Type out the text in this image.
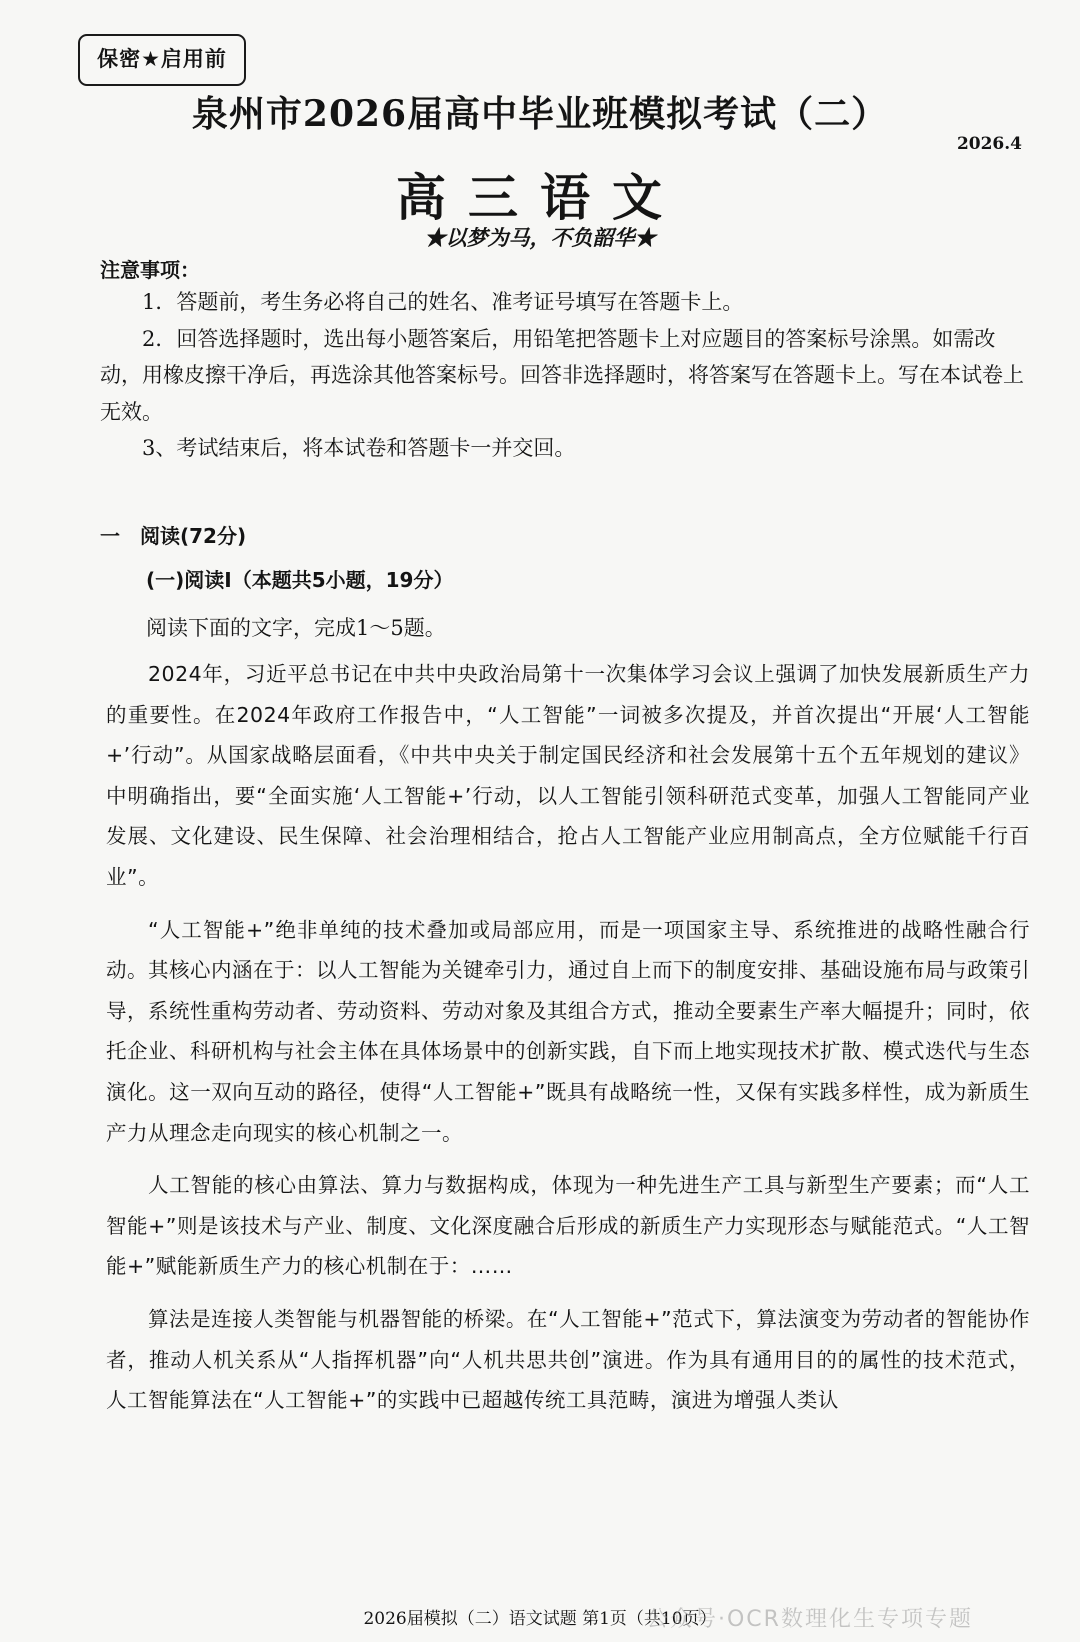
保密★启用前
泉州市2026届高中毕业班模拟考试（二）
2026.4
高三语文
★以梦为马，不负韶华★
注意事项：

1．答题前，考生务必将自己的姓名、准考证号填写在答题卡上。

2．回答选择题时，选出每小题答案后，用铅笔把答题卡上对应题目的答案标号涂黑。如需改动，用橡皮擦干净后，再选涂其他答案标号。回答非选择题时，将答案写在答题卡上。写在本试卷上无效。

3、考试结束后，将本试卷和答题卡一并交回。

一　阅读(72分)
(一)阅读I（本题共5小题，19分）
阅读下面的文字，完成1～5题。

2024年，习近平总书记在中共中央政治局第十一次集体学习会议上强调了加快发展新质生产力的重要性。在2024年政府工作报告中，“人工智能”一词被多次提及，并首次提出“开展‘人工智能+’行动”。从国家战略层面看，《中共中央关于制定国民经济和社会发展第十五个五年规划的建议》中明确指出，要“全面实施‘人工智能+’行动，以人工智能引领科研范式变革，加强人工智能同产业发展、文化建设、民生保障、社会治理相结合，抢占人工智能产业应用制高点，全方位赋能千行百业”。

“人工智能+”绝非单纯的技术叠加或局部应用，而是一项国家主导、系统推进的战略性融合行动。其核心内涵在于：以人工智能为关键牵引力，通过自上而下的制度安排、基础设施布局与政策引导，系统性重构劳动者、劳动资料、劳动对象及其组合方式，推动全要素生产率大幅提升；同时，依托企业、科研机构与社会主体在具体场景中的创新实践，自下而上地实现技术扩散、模式迭代与生态演化。这一双向互动的路径，使得“人工智能+”既具有战略统一性，又保有实践多样性，成为新质生产力从理念走向现实的核心机制之一。

人工智能的核心由算法、算力与数据构成，体现为一种先进生产工具与新型生产要素；而“人工智能+”则是该技术与产业、制度、文化深度融合后形成的新质生产力实现形态与赋能范式。“人工智能+”赋能新质生产力的核心机制在于：……

算法是连接人类智能与机器智能的桥梁。在“人工智能+”范式下，算法演变为劳动者的智能协作者，推动人机关系从“人指挥机器”向“人机共思共创”演进。作为具有通用目的的属性的技术范式，人工智能算法在“人工智能+”的实践中已超越传统工具范畴，演进为增强人类认

2026届模拟（二）语文试题 第1页（共10页）
公众号·OCR数理化生专项专题
